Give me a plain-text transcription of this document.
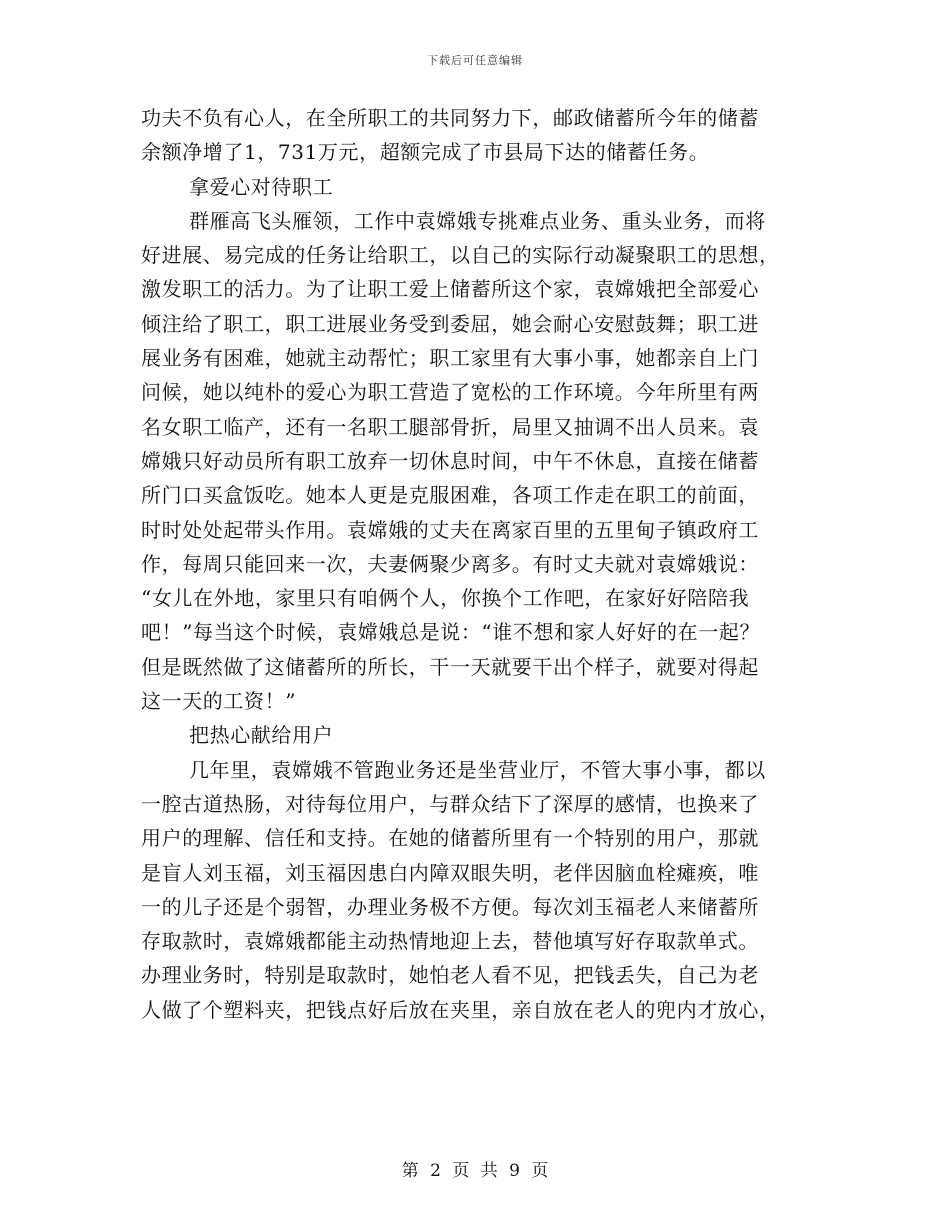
下载后可任意编辑
功夫不负有心人，在全所职工的共同努力下，邮政储蓄所今年的储蓄
余额净增了1，731万元，超额完成了市县局下达的储蓄任务。
拿爱心对待职工
群雁高飞头雁领，工作中袁嫦娥专挑难点业务、重头业务，而将
好进展、易完成的任务让给职工，以自己的实际行动凝聚职工的思想，
激发职工的活力。为了让职工爱上储蓄所这个家，袁嫦娥把全部爱心
倾注给了职工，职工进展业务受到委屈，她会耐心安慰鼓舞；职工进
展业务有困难，她就主动帮忙；职工家里有大事小事，她都亲自上门
问候，她以纯朴的爱心为职工营造了宽松的工作环境。今年所里有两
名女职工临产，还有一名职工腿部骨折，局里又抽调不出人员来。袁
嫦娥只好动员所有职工放弃一切休息时间，中午不休息，直接在储蓄
所门口买盒饭吃。她本人更是克服困难，各项工作走在职工的前面，
时时处处起带头作用。袁嫦娥的丈夫在离家百里的五里甸子镇政府工
作，每周只能回来一次，夫妻俩聚少离多。有时丈夫就对袁嫦娥说：
“女儿在外地，家里只有咱俩个人，你换个工作吧，在家好好陪陪我
吧！”每当这个时候，袁嫦娥总是说：“谁不想和家人好好的在一起？
但是既然做了这储蓄所的所长，干一天就要干出个样子，就要对得起
这一天的工资！”
把热心献给用户
几年里，袁嫦娥不管跑业务还是坐营业厅，不管大事小事，都以
一腔古道热肠，对待每位用户，与群众结下了深厚的感情，也换来了
用户的理解、信任和支持。在她的储蓄所里有一个特别的用户，那就
是盲人刘玉福，刘玉福因患白内障双眼失明，老伴因脑血栓瘫痪，唯
一的儿子还是个弱智，办理业务极不方便。每次刘玉福老人来储蓄所
存取款时，袁嫦娥都能主动热情地迎上去，替他填写好存取款单式。
办理业务时，特别是取款时，她怕老人看不见，把钱丢失，自己为老
人做了个塑料夹，把钱点好后放在夹里，亲自放在老人的兜内才放心，
第 2 页 共 9 页
